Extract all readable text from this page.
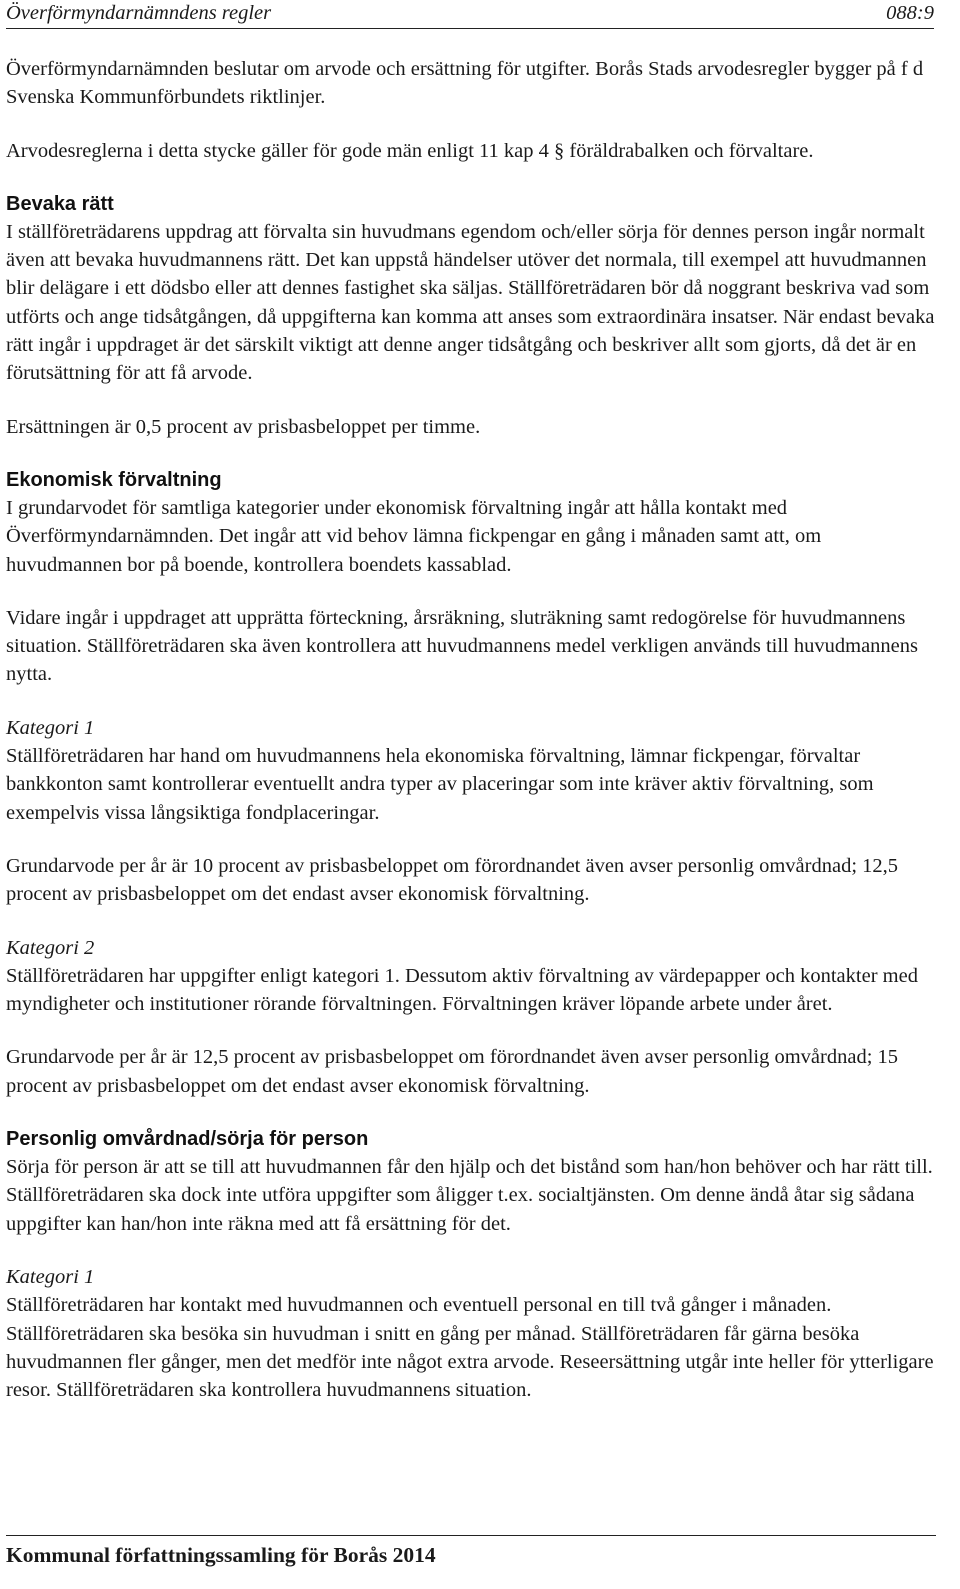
Överförmyndarnämndens regler	088:9

Överförmyndarnämnden beslutar om arvode och ersättning för utgifter. Borås Stads arvodesregler bygger på f d Svenska Kommunförbundets riktlinjer.

Arvodesreglerna i detta stycke gäller för gode män enligt 11 kap 4 § föräldrabalken och förvaltare.

Bevaka rätt

I ställföreträdarens uppdrag att förvalta sin huvudmans egendom och/eller sörja för dennes person ingår normalt även att bevaka huvudmannens rätt. Det kan uppstå händelser utöver det normala, till exempel att huvudmannen blir delägare i ett dödsbo eller att dennes fastighet ska säljas. Ställföreträdaren bör då noggrant beskriva vad som utförts och ange tidsåtgången, då uppgifterna kan komma att anses som extraordinära insatser. När endast bevaka rätt ingår i uppdraget är det särskilt viktigt att denne anger tidsåtgång och beskriver allt som gjorts, då det är en förutsättning för att få arvode.

Ersättningen är 0,5 procent av prisbasbeloppet per timme.

Ekonomisk förvaltning

I grundarvodet för samtliga kategorier under ekonomisk förvaltning ingår att hålla kontakt med Överförmyndarnämnden. Det ingår att vid behov lämna fickpengar en gång i månaden samt att, om huvudmannen bor på boende, kontrollera boendets kassablad.

Vidare ingår i uppdraget att upprätta förteckning, årsräkning, sluträkning samt redogörelse för huvudmannens situation. Ställföreträdaren ska även kontrollera att huvudmannens medel verkligen används till huvudmannens nytta.

Kategori 1

Ställföreträdaren har hand om huvudmannens hela ekonomiska förvaltning, lämnar fickpengar, förvaltar bankkonton samt kontrollerar eventuellt andra typer av placeringar som inte kräver aktiv förvaltning, som exempelvis vissa långsiktiga fondplaceringar.

Grundarvode per år är 10 procent av prisbasbeloppet om förordnandet även avser personlig omvårdnad; 12,5 procent av prisbasbeloppet om det endast avser ekonomisk förvaltning.

Kategori 2

Ställföreträdaren har uppgifter enligt kategori 1. Dessutom aktiv förvaltning av värdepapper och kontakter med myndigheter och institutioner rörande förvaltningen. Förvaltningen kräver löpande arbete under året.

Grundarvode per år är 12,5 procent av prisbasbeloppet om förordnandet även avser personlig omvårdnad; 15 procent av prisbasbeloppet om det endast avser ekonomisk förvaltning.

Personlig omvårdnad/sörja för person

Sörja för person är att se till att huvudmannen får den hjälp och det bistånd som han/hon behöver och har rätt till. Ställföreträdaren ska dock inte utföra uppgifter som åligger t.ex. socialtjänsten. Om denne ändå åtar sig sådana uppgifter kan han/hon inte räkna med att få ersättning för det.

Kategori 1

Ställföreträdaren har kontakt med huvudmannen och eventuell personal en till två gånger i månaden. Ställföreträdaren ska besöka sin huvudman i snitt en gång per månad. Ställföreträdaren får gärna besöka huvudmannen fler gånger, men det medför inte något extra arvode. Reseersättning utgår inte heller för ytterligare resor. Ställföreträdaren ska kontrollera huvudmannens situation.

Kommunal författningssamling för Borås 2014
